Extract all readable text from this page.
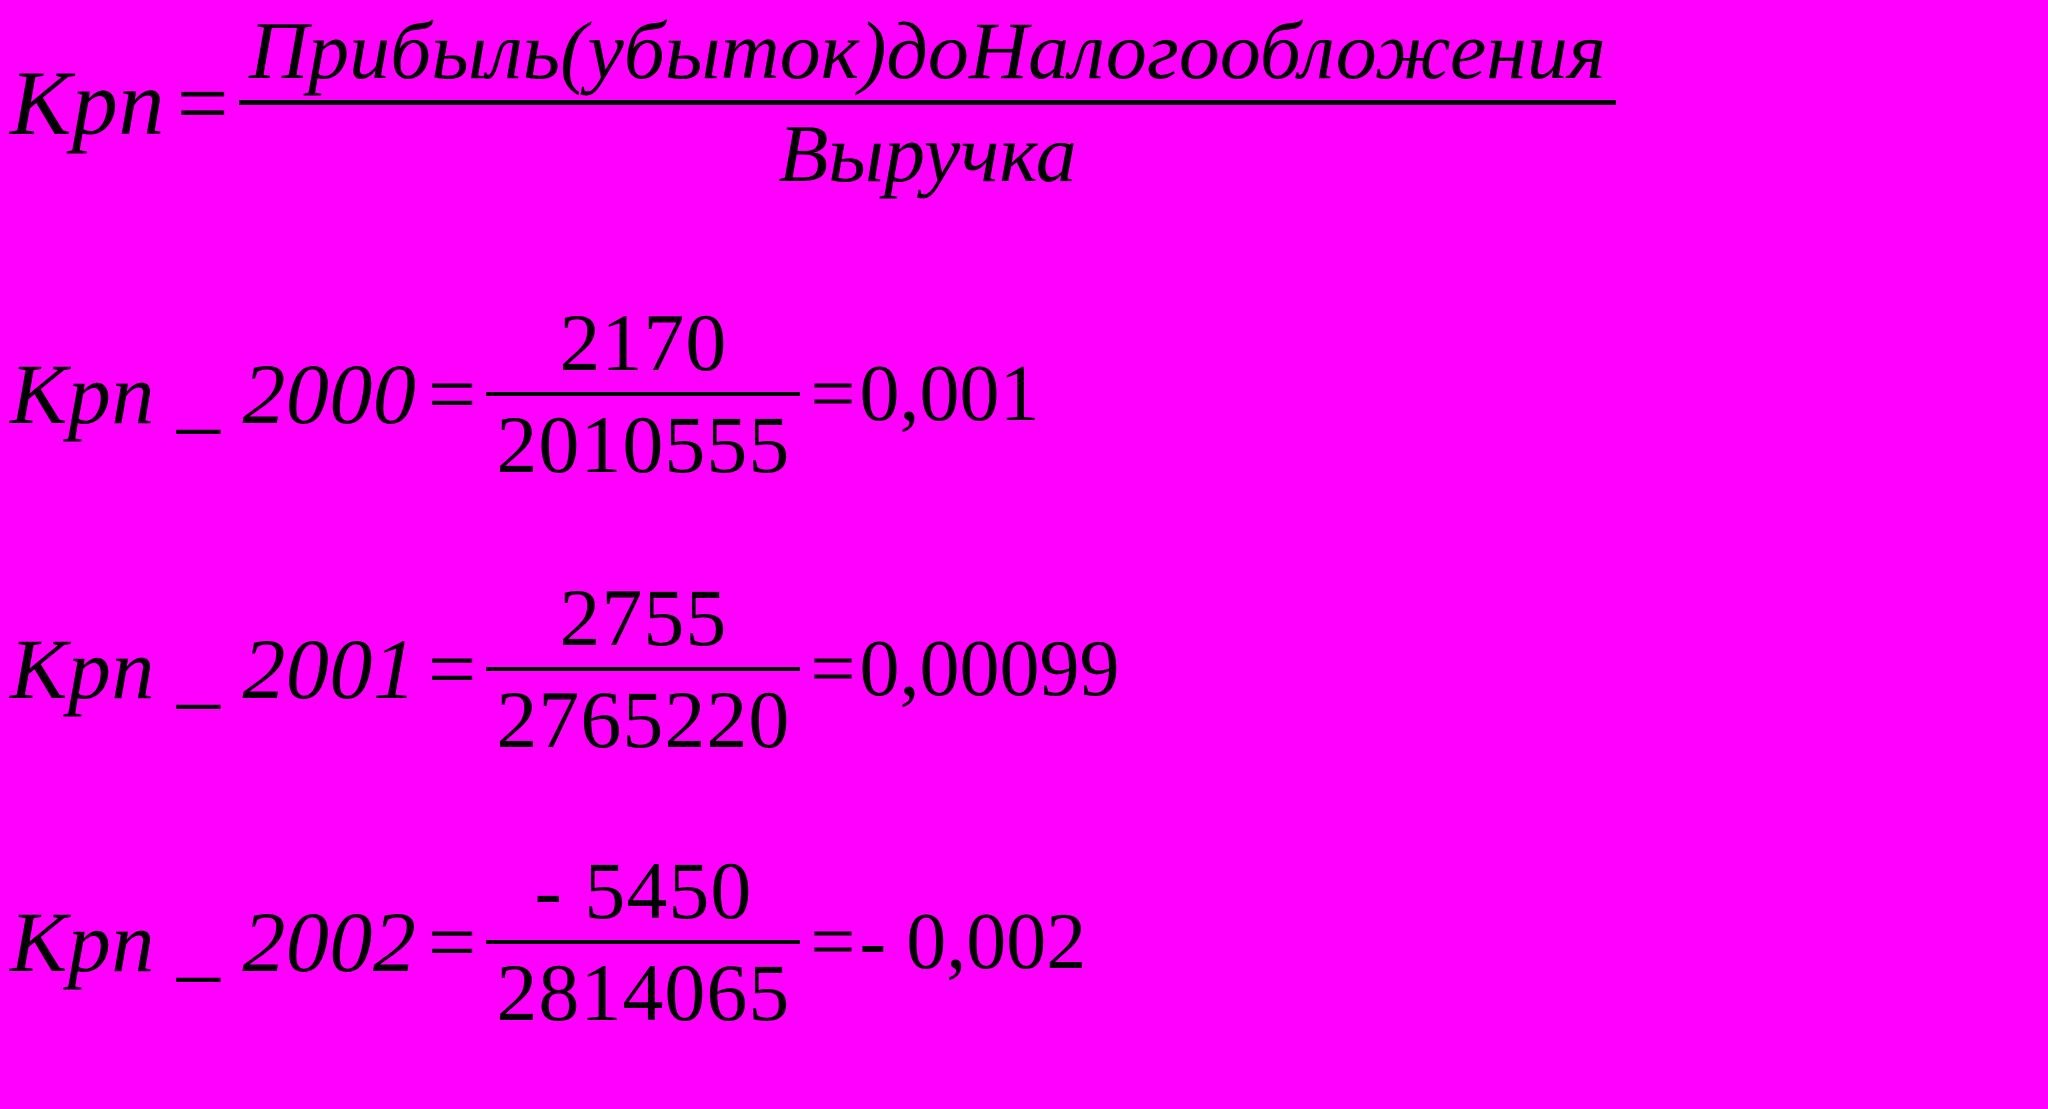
Kрп =
Прибыль(убыток)доНалогообложения
Выручка
Kрп _ $2000 = \frac{2170}{2010555} = 0,001$
Kрп _ $2001 = \frac{2755}{2765220} = 0,00099$
Kрп _ $2002 = \frac{- 5450}{2814065}$ = - 0,002
